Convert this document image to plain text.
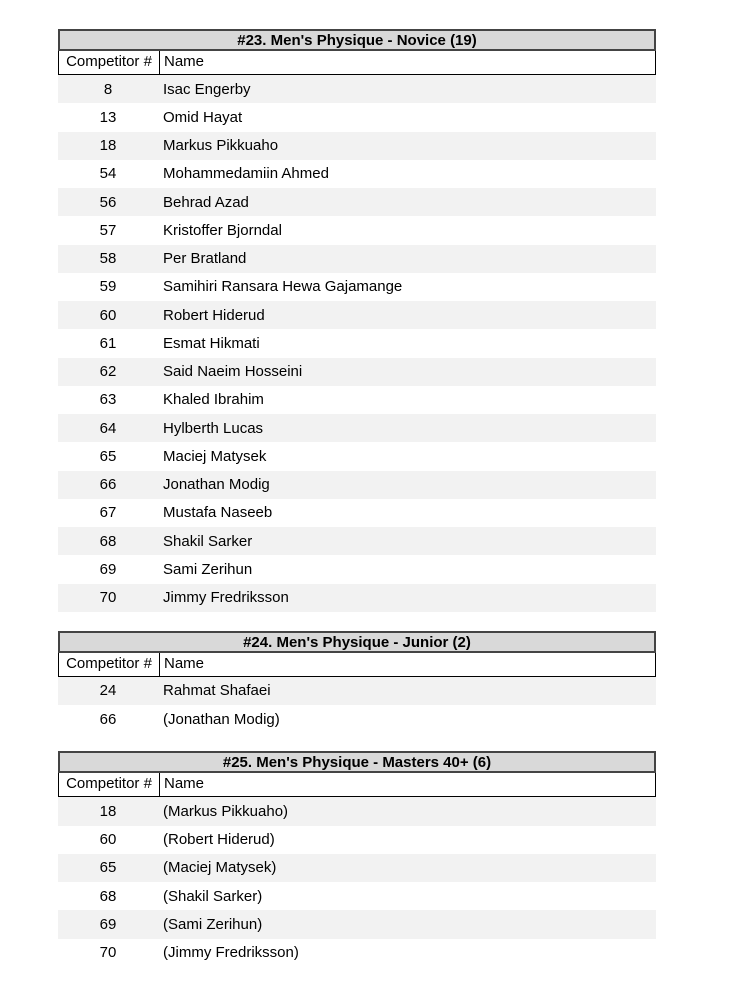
#23. Men's Physique - Novice (19)
Competitor # Name
8	Isac Engerby
13	Omid Hayat
18	Markus Pikkuaho
54	Mohammedamiin Ahmed
56	Behrad Azad
57	Kristoffer Bjorndal
58	Per Bratland
59	Samihiri Ransara Hewa Gajamange
60	Robert Hiderud
61	Esmat Hikmati
62	Said Naeim Hosseini
63	Khaled Ibrahim
64	Hylberth Lucas
65	Maciej Matysek
66	Jonathan Modig
67	Mustafa Naseeb
68	Shakil Sarker
69	Sami Zerihun
70	Jimmy Fredriksson
#24. Men's Physique - Junior (2)
Competitor # Name
24	Rahmat Shafaei
66	(Jonathan Modig)
#25. Men's Physique - Masters 40+ (6)
Competitor # Name
18	(Markus Pikkuaho)
60	(Robert Hiderud)
65	(Maciej Matysek)
68	(Shakil Sarker)
69	(Sami Zerihun)
70	(Jimmy Fredriksson)
